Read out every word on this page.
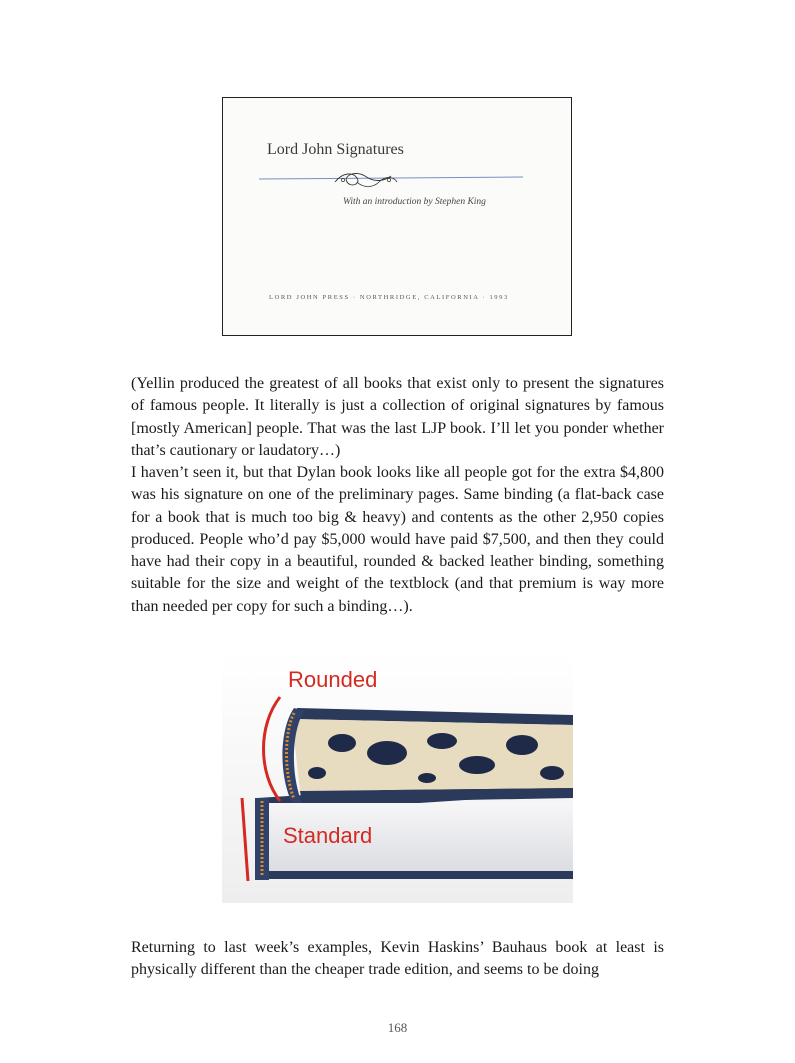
Lord John Signatures
With an introduction by Stephen King
LORD JOHN PRESS · NORTHRIDGE, CALIFORNIA · 1993

(Yellin produced the greatest of all books that exist only to present the signatures of famous people. It literally is just a collection of original signatures by famous [mostly American] people. That was the last LJP book. I’ll let you ponder whether that’s cautionary or laudatory…)

I haven’t seen it, but that Dylan book looks like all people got for the extra $4,800 was his signature on one of the preliminary pages. Same binding (a flat-back case for a book that is much too big & heavy) and contents as the other 2,950 copies produced. People who’d pay $5,000 would have paid $7,500, and then they could have had their copy in a beautiful, rounded & backed leather binding, something suitable for the size and weight of the textblock (and that premium is way more than needed per copy for such a binding…).

Rounded
Standard

Returning to last week’s examples, Kevin Haskins’ Bauhaus book at least is physically different than the cheaper trade edition, and seems to be doing

168
